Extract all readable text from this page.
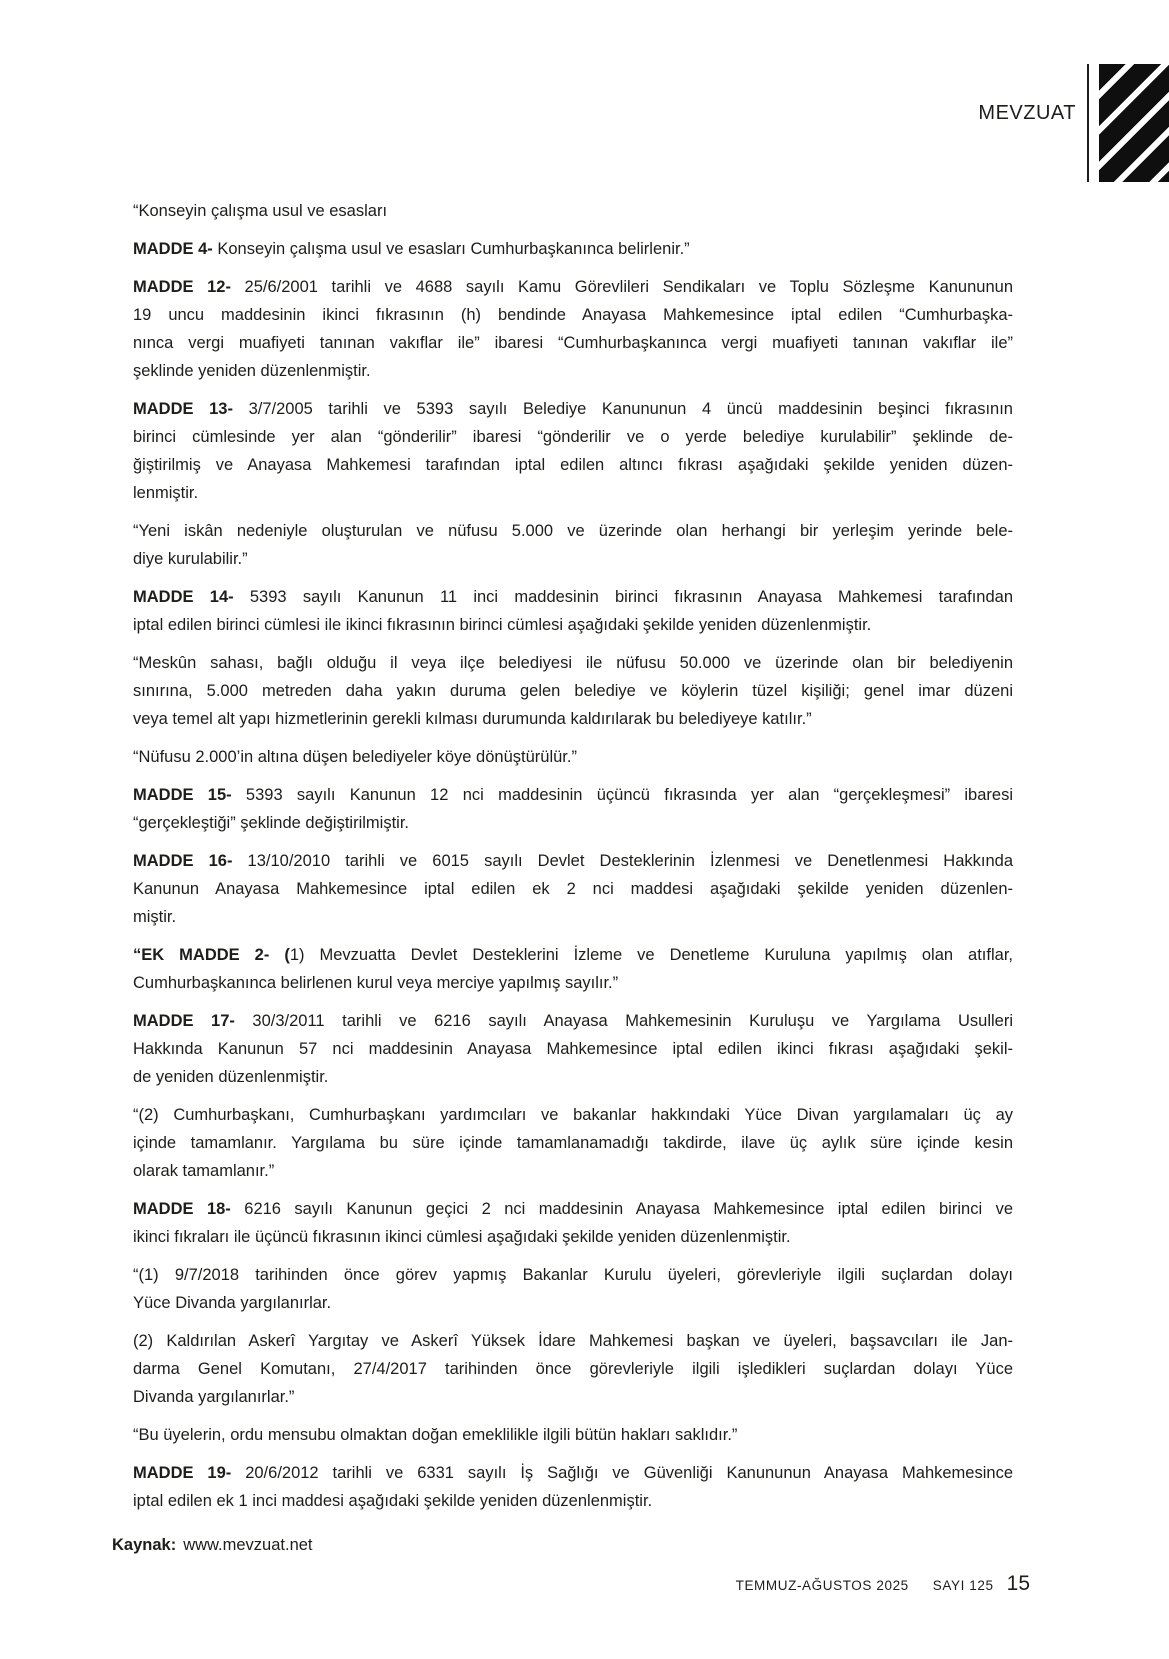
MEVZUAT
“Konseyin çalışma usul ve esasları
MADDE 4- Konseyin çalışma usul ve esasları Cumhurbaşkanınca belirlenir.”
MADDE 12- 25/6/2001 tarihli ve 4688 sayılı Kamu Görevlileri Sendikaları ve Toplu Sözleşme Kanununun
19 uncu maddesinin ikinci fıkrasının (h) bendinde Anayasa Mahkemesince iptal edilen “Cumhurbaşka-
nınca vergi muafiyeti tanınan vakıflar ile” ibaresi “Cumhurbaşkanınca vergi muafiyeti tanınan vakıflar ile”
şeklinde yeniden düzenlenmiştir.
MADDE 13- 3/7/2005 tarihli ve 5393 sayılı Belediye Kanununun 4 üncü maddesinin beşinci fıkrasının
birinci cümlesinde yer alan “gönderilir” ibaresi “gönderilir ve o yerde belediye kurulabilir” şeklinde de-
ğiştirilmiş ve Anayasa Mahkemesi tarafından iptal edilen altıncı fıkrası aşağıdaki şekilde yeniden düzen-
lenmiştir.
“Yeni iskân nedeniyle oluşturulan ve nüfusu 5.000 ve üzerinde olan herhangi bir yerleşim yerinde bele-
diye kurulabilir.”
MADDE 14- 5393 sayılı Kanunun 11 inci maddesinin birinci fıkrasının Anayasa Mahkemesi tarafından
iptal edilen birinci cümlesi ile ikinci fıkrasının birinci cümlesi aşağıdaki şekilde yeniden düzenlenmiştir.
“Meskûn sahası, bağlı olduğu il veya ilçe belediyesi ile nüfusu 50.000 ve üzerinde olan bir belediyenin
sınırına, 5.000 metreden daha yakın duruma gelen belediye ve köylerin tüzel kişiliği; genel imar düzeni
veya temel alt yapı hizmetlerinin gerekli kılması durumunda kaldırılarak bu belediyeye katılır.”
“Nüfusu 2.000’in altına düşen belediyeler köye dönüştürülür.”
MADDE 15- 5393 sayılı Kanunun 12 nci maddesinin üçüncü fıkrasında yer alan “gerçekleşmesi” ibaresi
“gerçekleştiği” şeklinde değiştirilmiştir.
MADDE 16- 13/10/2010 tarihli ve 6015 sayılı Devlet Desteklerinin İzlenmesi ve Denetlenmesi Hakkında
Kanunun Anayasa Mahkemesince iptal edilen ek 2 nci maddesi aşağıdaki şekilde yeniden düzenlen-
miştir.
“EK MADDE 2- (1) Mevzuatta Devlet Desteklerini İzleme ve Denetleme Kuruluna yapılmış olan atıflar,
Cumhurbaşkanınca belirlenen kurul veya merciye yapılmış sayılır.”
MADDE 17- 30/3/2011 tarihli ve 6216 sayılı Anayasa Mahkemesinin Kuruluşu ve Yargılama Usulleri
Hakkında Kanunun 57 nci maddesinin Anayasa Mahkemesince iptal edilen ikinci fıkrası aşağıdaki şekil-
de yeniden düzenlenmiştir.
“(2) Cumhurbaşkanı, Cumhurbaşkanı yardımcıları ve bakanlar hakkındaki Yüce Divan yargılamaları üç ay
içinde tamamlanır. Yargılama bu süre içinde tamamlanamadığı takdirde, ilave üç aylık süre içinde kesin
olarak tamamlanır.”
MADDE 18- 6216 sayılı Kanunun geçici 2 nci maddesinin Anayasa Mahkemesince iptal edilen birinci ve
ikinci fıkraları ile üçüncü fıkrasının ikinci cümlesi aşağıdaki şekilde yeniden düzenlenmiştir.
“(1) 9/7/2018 tarihinden önce görev yapmış Bakanlar Kurulu üyeleri, görevleriyle ilgili suçlardan dolayı
Yüce Divanda yargılanırlar.
(2) Kaldırılan Askerî Yargıtay ve Askerî Yüksek İdare Mahkemesi başkan ve üyeleri, başsavcıları ile Jan-
darma Genel Komutanı, 27/4/2017 tarihinden önce görevleriyle ilgili işledikleri suçlardan dolayı Yüce
Divanda yargılanırlar.”
“Bu üyelerin, ordu mensubu olmaktan doğan emeklilikle ilgili bütün hakları saklıdır.”
MADDE 19- 20/6/2012 tarihli ve 6331 sayılı İş Sağlığı ve Güvenliği Kanununun Anayasa Mahkemesince
iptal edilen ek 1 inci maddesi aşağıdaki şekilde yeniden düzenlenmiştir.
Kaynak: www.mevzuat.net
TEMMUZ-AĞUSTOS 2025 SAYI 125 15
